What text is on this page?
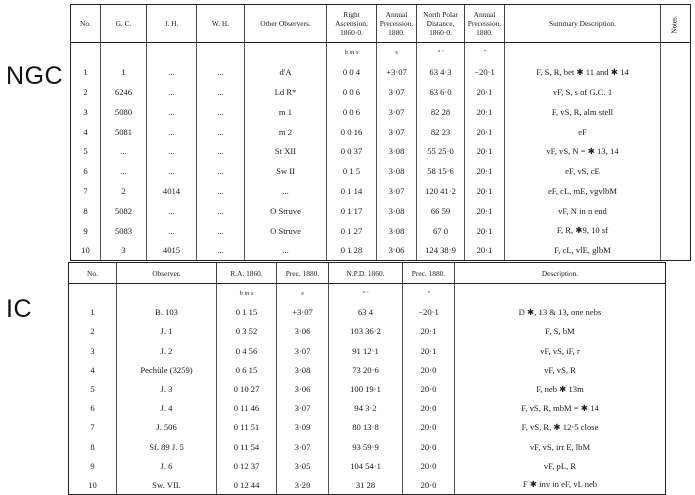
NGC
IC
No.	G. C.	J. H.	W. H.	Other Observers.	Right Ascension, 1860·0.	Annual Precession, 1880.	North Polar Distance, 1860·0.	Annual Precession, 1880.	Summary Description.	Notes.
					h m s	s	° ′	″		
1	1	...	...	d'A	0 0 4	+3·07	63 4·3	−20·1	F, S, R, bet ✱ 11 and ✱ 14	
2	6246	...	...	Ld R*	0 0 6	3·07	63 6·0	20·1	vF, S, s of G.C. 1	
3	5080	...	...	m 1	0 0 6	3·07	82 28	20·1	F, vS, R, alm stell	
4	5081	...	...	m 2	0 0 16	3·07	82 23	20·1	eF	
5	...	...	...	St XII	0 0 37	3·08	55 25·0	20·1	vF, vS, N = ✱ 13, 14	
6	...	...	...	Sw II	0 1 5	3·08	58 15·6	20·1	eF, vS, cE	
7	2	4014	...	...	0 1 14	3·07	120 41·2	20·1	eF, cL, mE, vgvlbM	
8	5082	...	...	O Struve	0 1 17	3·08	66 59	20·1	vF, N in n end	
9	5083	...	...	O Struve	0 1 27	3·08	67 0	20·1	F, R, ✱9, 10 sf	
10	3	4015	...	...	0 1 28	3·06	124 38·9	20·1	F, cL, vlE, glbM	
No.	Observer.	R.A. 1860.	Prec. 1880.	N.P.D. 1860.	Prec. 1880.	Description.
		h m s	s	° ′	″	
1	B. 103	0 1 15	+3·07	63 4	−20·1	D ✱, 13 & 13, one nebs
2	J. 1	0 3 52	3·06	103 36·2	20·1	F, S, bM
3	J. 2	0 4 56	3·07	91 12·1	20·1	vF, vS, iF, r
4	Pechüle (3259)	0 6 15	3·08	73 20·6	20·0	vF, vS, R
5	J. 3	0 10 27	3·06	100 19·1	20·0	F, neb ✱ 13m
6	J. 4	0 11 46	3·07	94 3·2	20·0	F, vS, R, mbM = ✱ 14
7	J. 506	0 11 51	3·09	80 13·8	20·0	F, vS, R, ✱ 12·5 close
8	Sf. 89 J. 5	0 11 54	3·07	93 59·9	20·0	vF, vS, irr E, lbM
9	J. 6	0 12 37	3·05	104 54·1	20·0	vF, pL, R
10	Sw. VII.	0 12 44	3·20	31 28	20·0	F ✱ inv in eF, vL neb
